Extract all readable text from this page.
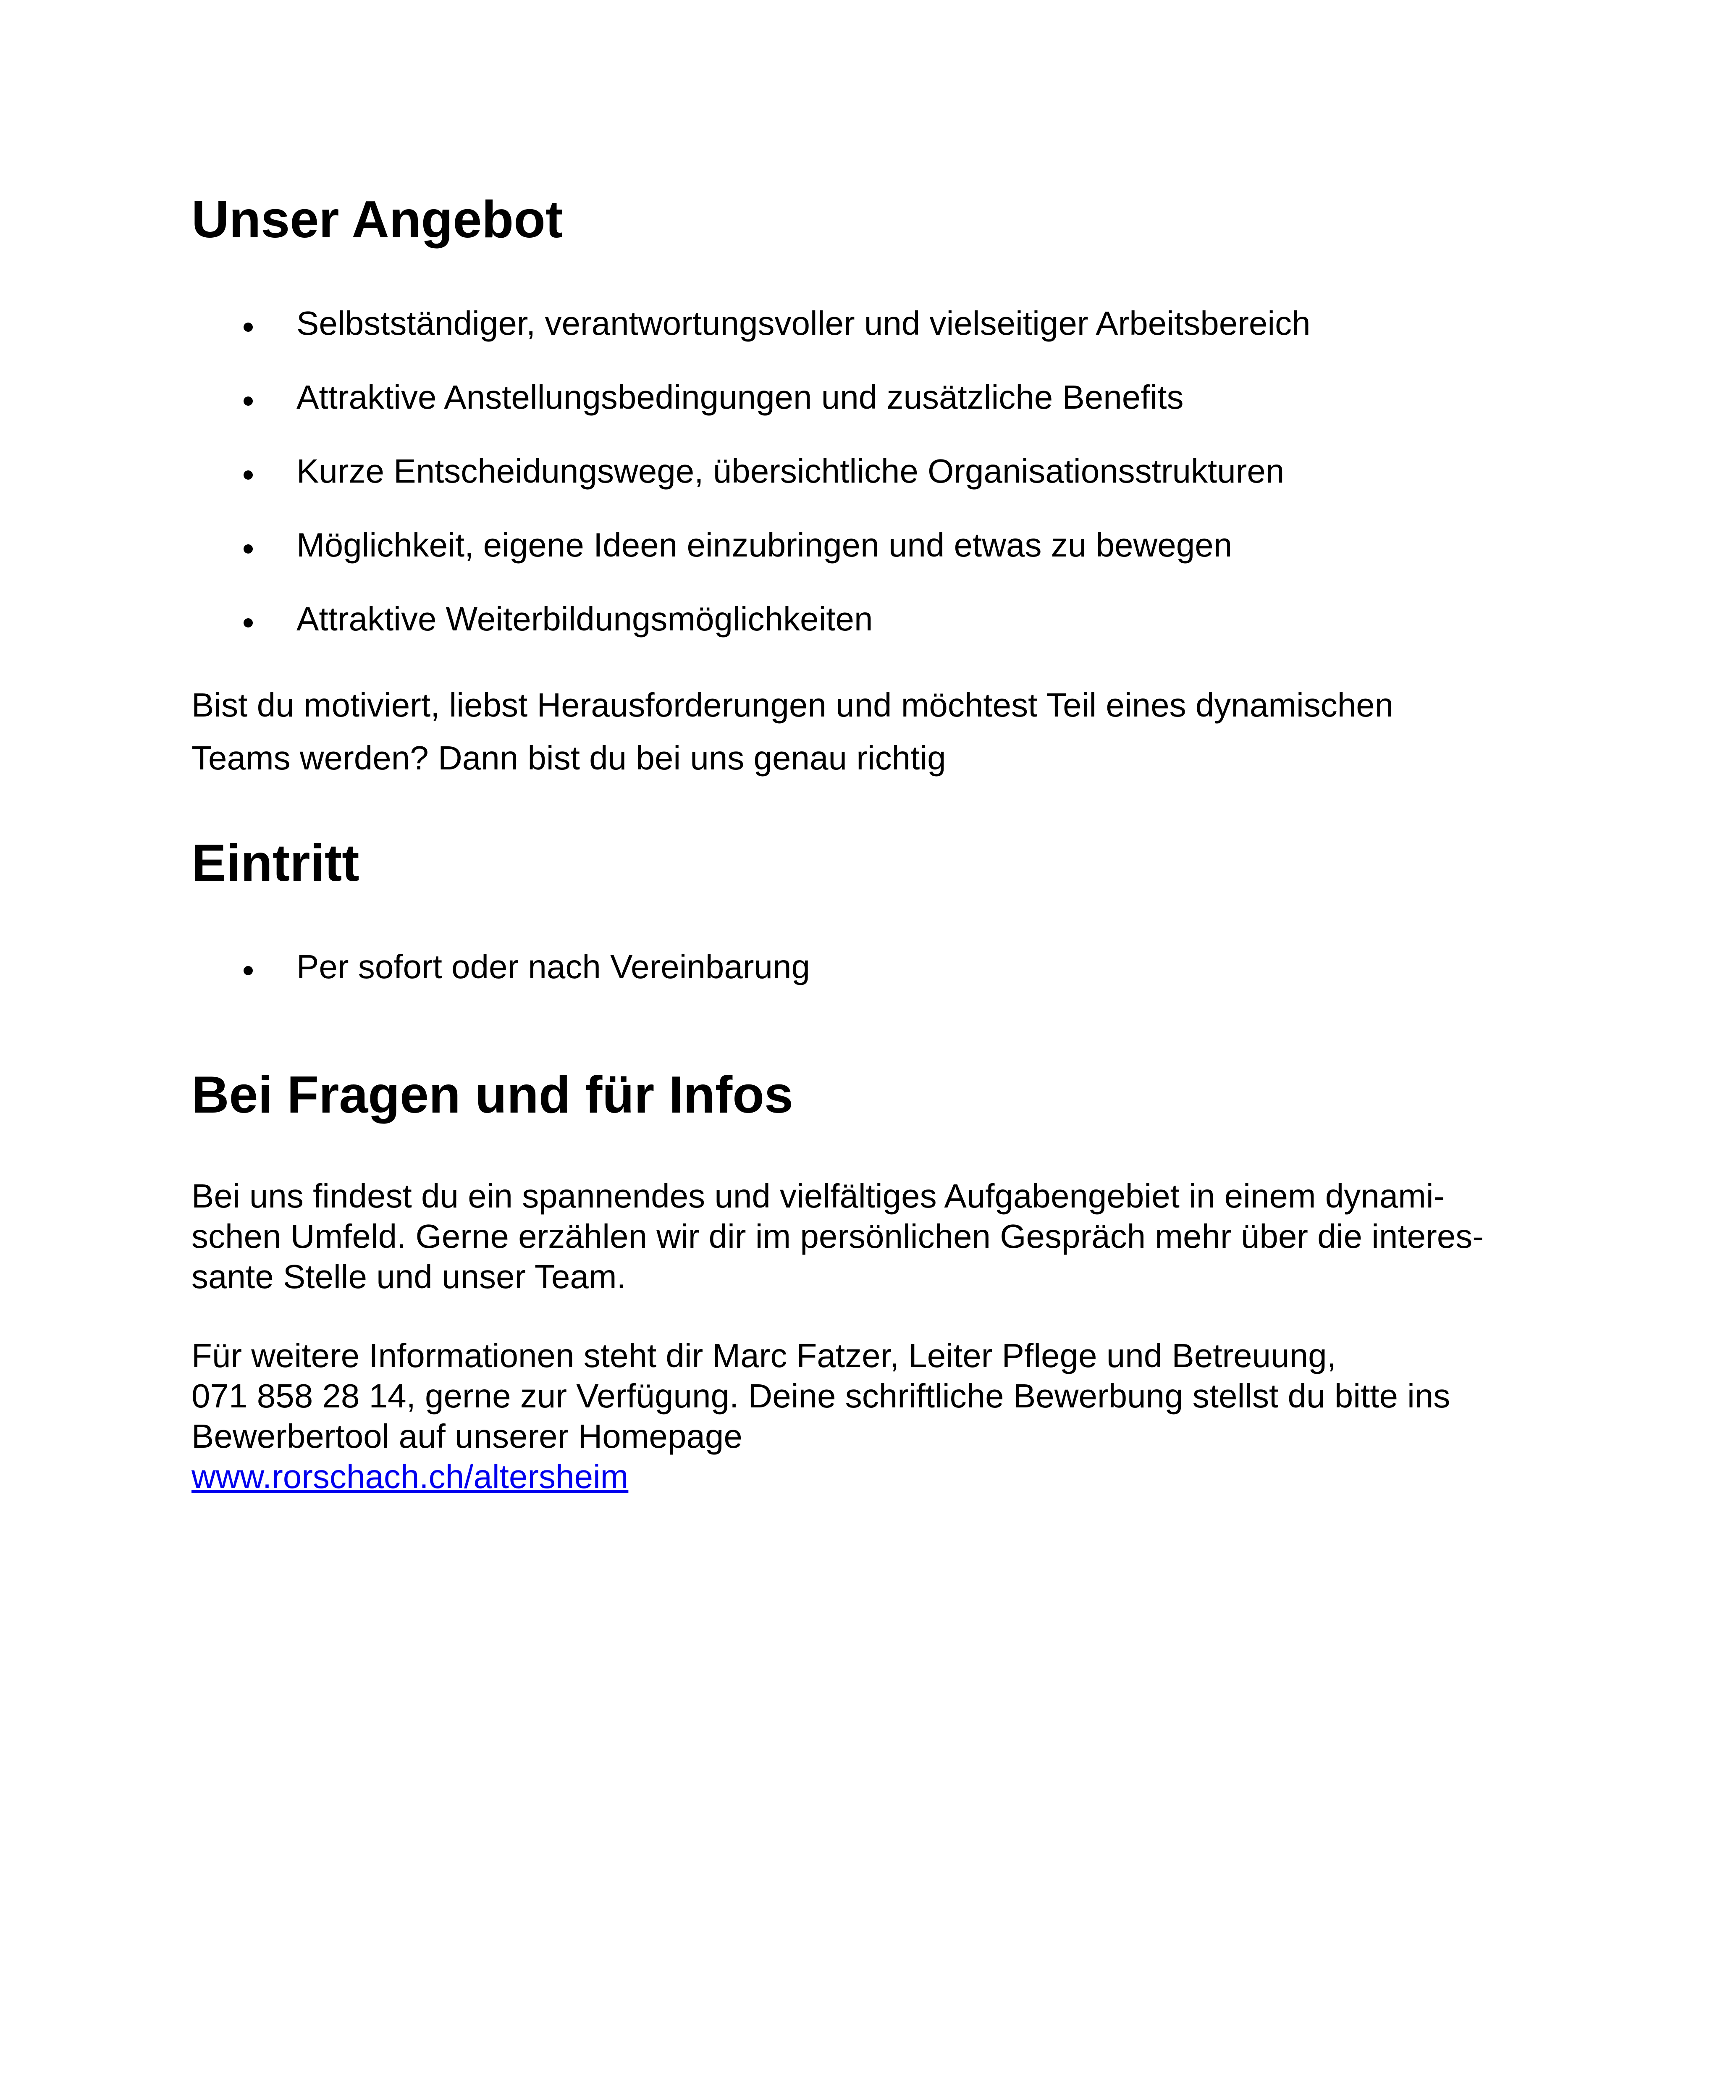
Unser Angebot
Selbstständiger, verantwortungsvoller und vielseitiger Arbeitsbereich
Attraktive Anstellungsbedingungen und zusätzliche Benefits
Kurze Entscheidungswege, übersichtliche Organisationsstrukturen
Möglichkeit, eigene Ideen einzubringen und etwas zu bewegen
Attraktive Weiterbildungsmöglichkeiten

Bist du motiviert, liebst Herausforderungen und möchtest Teil eines dynamischen
Teams werden? Dann bist du bei uns genau richtig

Eintritt
Per sofort oder nach Vereinbarung
Bei Fragen und für Infos

Bei uns findest du ein spannendes und vielfältiges Aufgabengebiet in einem dynami-
schen Umfeld. Gerne erzählen wir dir im persönlichen Gespräch mehr über die interes-
sante Stelle und unser Team.

Für weitere Informationen steht dir Marc Fatzer, Leiter Pflege und Betreuung,
071 858 28 14, gerne zur Verfügung. Deine schriftliche Bewerbung stellst du bitte ins
Bewerbertool auf unserer Homepage
www.rorschach.ch/altersheim
